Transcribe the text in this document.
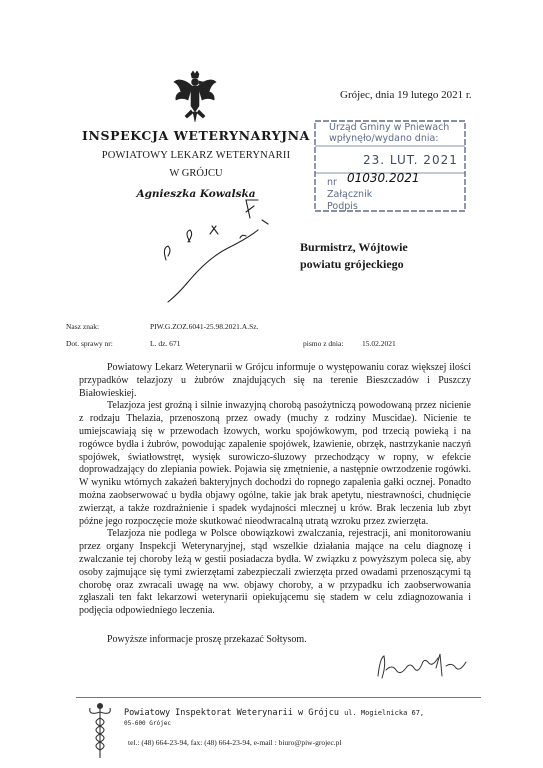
INSPEKCJA WETERYNARYJNA
POWIATOWY LEKARZ WETERYNARII
W GRÓJCU
Agnieszka Kowalska
Grójec, dnia 19 lutego 2021 r.
Urząd Gminy w Pniewach
wpłynęło/wydano dnia:
23. LUT. 2021
nr 01030.2021
Załącznik
Podpis
Burmistrz, Wójtowie
powiatu grójeckiego
Nasz znak:	PIW.G.ZOZ.6041-25.98.2021.A.Sz.
Dot. sprawy nr:	L. dz. 671	pismo z dnia: 15.02.2021

Powiatowy Lekarz Weterynarii w Grójcu informuje o występowaniu coraz większej ilości przypadków telazjozy u żubrów znajdujących się na terenie Bieszczadów i Puszczy Białowieskiej.

Telazjoza jest groźną i silnie inwazyjną chorobą pasożytniczą powodowaną przez nicienie z rodzaju Thelazia, przenoszoną przez owady (muchy z rodziny Muscidae). Nicienie te umiejscawiają się w przewodach łzowych, worku spojówkowym, pod trzecią powieką i na rogówce bydła i żubrów, powodując zapalenie spojówek, łzawienie, obrzęk, nastrzykanie naczyń spojówek, światłowstręt, wysięk surowiczo-śluzowy przechodzący w ropny, w efekcie doprowadzający do zlepiania powiek. Pojawia się zmętnienie, a następnie owrzodzenie rogówki. W wyniku wtórnych zakażeń bakteryjnych dochodzi do ropnego zapalenia gałki ocznej. Ponadto można zaobserwować u bydła objawy ogólne, takie jak brak apetytu, niestrawności, chudnięcie zwierząt, a także rozdrażnienie i spadek wydajności mlecznej u krów. Brak leczenia lub zbyt późne jego rozpoczęcie może skutkować nieodwracalną utratą wzroku przez zwierzęta.

Telazjoza nie podlega w Polsce obowiązkowi zwalczania, rejestracji, ani monitorowaniu przez organy Inspekcji Weterynaryjnej, stąd wszelkie działania mające na celu diagnozę i zwalczanie tej choroby leżą w gestii posiadacza bydła. W związku z powyższym poleca się, aby osoby zajmujące się tymi zwierzętami zabezpieczali zwierzęta przed owadami przenoszącymi tą chorobę oraz zwracali uwagę na ww. objawy choroby, a w przypadku ich zaobserwowania zgłaszali ten fakt lekarzowi weterynarii opiekującemu się stadem w celu zdiagnozowania i podjęcia odpowiedniego leczenia.

Powyższe informacje proszę przekazać Sołtysom.

Powiatowy Inspektorat Weterynarii w Grójcu ul. Mogielnicka 67,
05-600 Grójec
tel.: (48) 664-23-94, fax: (48) 664-23-94, e-mail : biuro@piw-grojec.pl
